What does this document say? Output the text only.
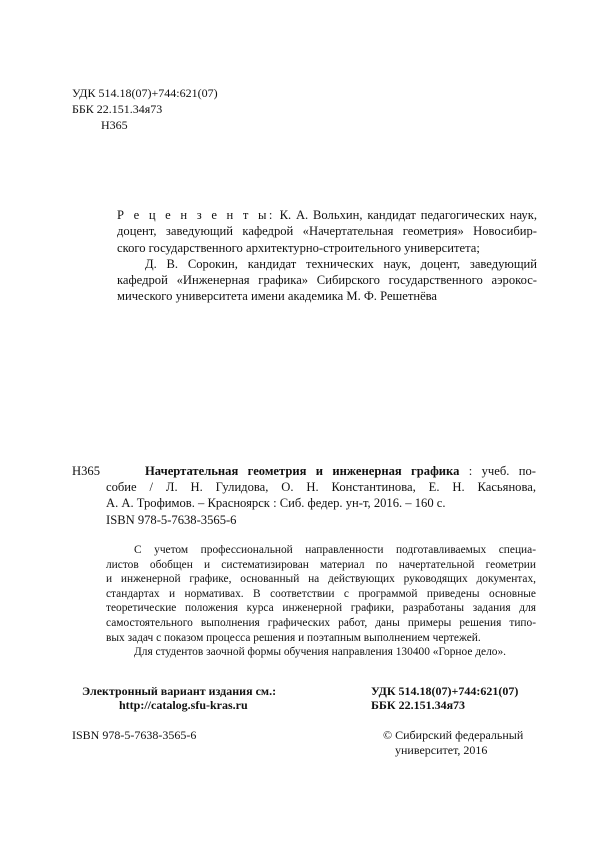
УДК 514.18(07)+744:621(07)
ББК 22.151.34я73
Н365
Р е ц е н з е н т ы: К. А. Вольхин, кандидат педагогических наук,
доцент, заведующий кафедрой «Начертательная геометрия» Новосибир-
ского государственного архитектурно-строительного университета;
Д. В. Сорокин, кандидат технических наук, доцент, заведующий
кафедрой «Инженерная графика» Сибирского государственного аэрокос-
мического университета имени академика М. Ф. Решетнёва
Н365	Начертательная геометрия и инженерная графика : учеб. по-
собие / Л. Н. Гулидова, О. Н. Константинова, Е. Н. Касьянова,
А. А. Трофимов. – Красноярск : Сиб. федер. ун-т, 2016. – 160 с.
ISBN 978-5-7638-3565-6
С учетом профессиональной направленности подготавливаемых специа-
листов обобщен и систематизирован материал по начертательной геометрии
и инженерной графике, основанный на действующих руководящих документах,
стандартах и нормативах. В соответствии с программой приведены основные
теоретические положения курса инженерной графики, разработаны задания для
самостоятельного выполнения графических работ, даны примеры решения типо-
вых задач с показом процесса решения и поэтапным выполнением чертежей.
Для студентов заочной формы обучения направления 130400 «Горное дело».
Электронный вариант издания см.:
http://catalog.sfu-kras.ru
УДК 514.18(07)+744:621(07)
ББК 22.151.34я73
ISBN 978-5-7638-3565-6	© Сибирский федеральный
университет, 2016
